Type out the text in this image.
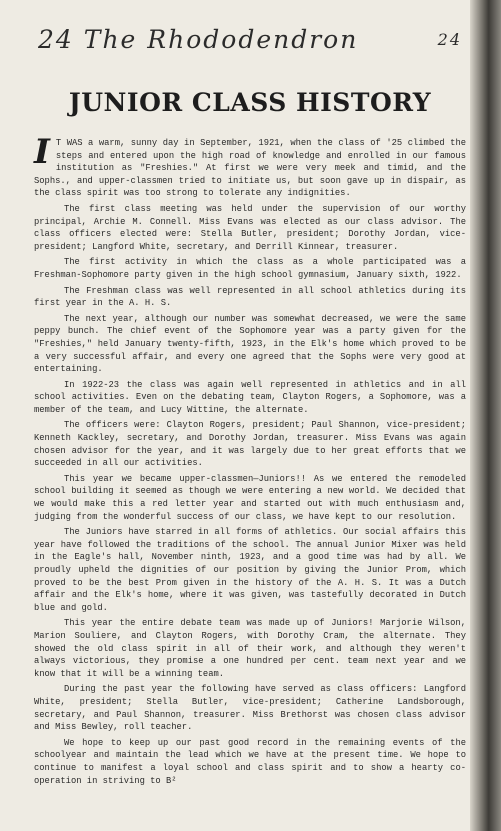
24 The Rhododendron	24
JUNIOR CLASS HISTORY

I T WAS a warm, sunny day in September, 1921, when the class of '25 climbed the steps and entered upon the high road of knowledge and enrolled in our famous institution as "Freshies." At first we were very meek and timid, and the Sophs., and upper-classmen tried to initiate us, but soon gave up in dispair, as the class spirit was too strong to tolerate any indignities.

The first class meeting was held under the supervision of our worthy principal, Archie M. Connell. Miss Evans was elected as our class advisor. The class officers elected were: Stella Butler, president; Dorothy Jordan, vice-president; Langford White, secretary, and Derrill Kinnear, treasurer.

The first activity in which the class as a whole participated was a Freshman-Sophomore party given in the high school gymnasium, January sixth, 1922.

The Freshman class was well represented in all school athletics during its first year in the A. H. S.

The next year, although our number was somewhat decreased, we were the same peppy bunch. The chief event of the Sophomore year was a party given for the "Freshies," held January twenty-fifth, 1923, in the Elk's home which proved to be a very successful affair, and every one agreed that the Sophs were very good at entertaining.

In 1922-23 the class was again well represented in athletics and in all school activities. Even on the debating team, Clayton Rogers, a Sophomore, was a member of the team, and Lucy Wittine, the alternate.

The officers were: Clayton Rogers, president; Paul Shannon, vice-president; Kenneth Kackley, secretary, and Dorothy Jordan, treasurer. Miss Evans was again chosen advisor for the year, and it was largely due to her great efforts that we succeeded in all our activities.

This year we became upper-classmen—Juniors!! As we entered the remodeled school building it seemed as though we were entering a new world. We decided that we would make this a red letter year and started out with much enthusiasm and, judging from the wonderful success of our class, we have kept to our resolution.

The Juniors have starred in all forms of athletics. Our social affairs this year have followed the traditions of the school. The annual Junior Mixer was held in the Eagle's hall, November ninth, 1923, and a good time was had by all. We proudly upheld the dignities of our position by giving the Junior Prom, which proved to be the best Prom given in the history of the A. H. S. It was a Dutch affair and the Elk's home, where it was given, was tastefully decorated in Dutch blue and gold.

This year the entire debate team was made up of Juniors! Marjorie Wilson, Marion Souliere, and Clayton Rogers, with Dorothy Cram, the alternate. They showed the old class spirit in all of their work, and although they weren't always victorious, they promise a one hundred per cent. team next year and we know that it will be a winning team.

During the past year the following have served as class officers: Langford White, president; Stella Butler, vice-president; Catherine Landsborough, secretary, and Paul Shannon, treasurer. Miss Brethorst was chosen class advisor and Miss Bewley, roll teacher.

We hope to keep up our past good record in the remaining events of the schoolyear and maintain the lead which we have at the present time. We hope to continue to manifest a loyal school and class spirit and to show a hearty co-operation in striving to B²
